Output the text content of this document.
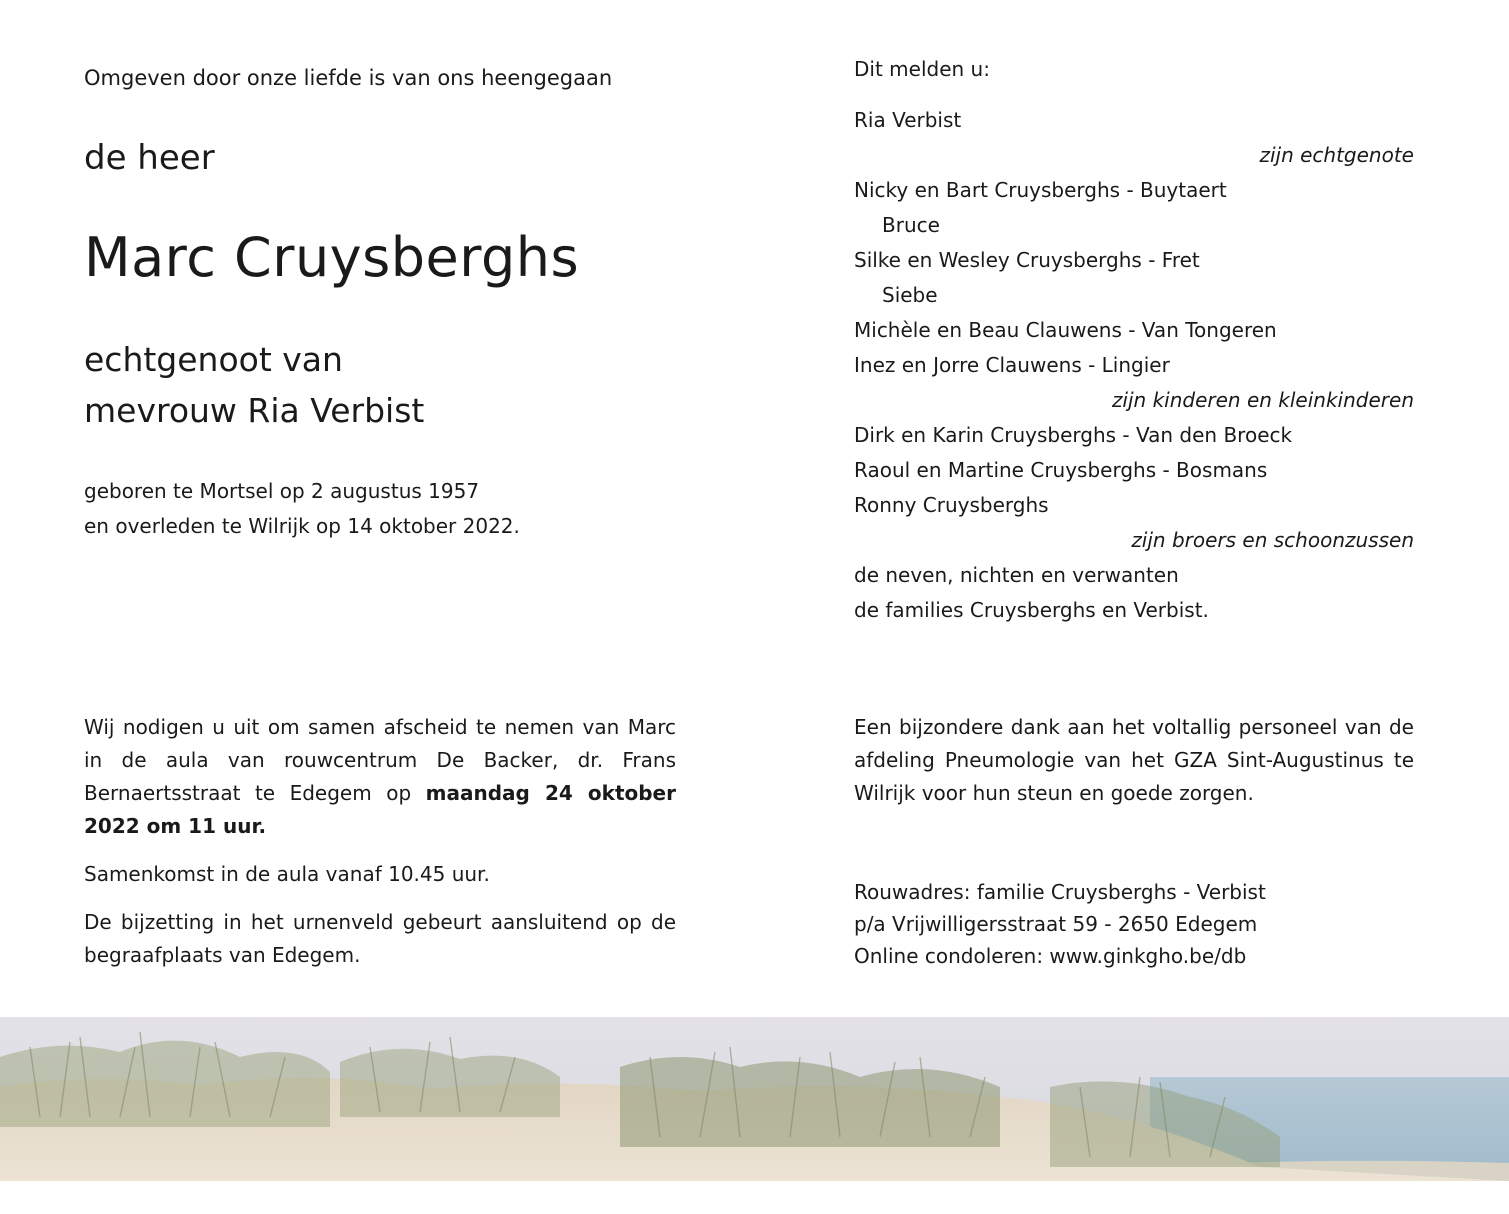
Omgeven door onze liefde is van ons heengegaan
de heer
Marc Cruysberghs
echtgenoot van
mevrouw Ria Verbist
geboren te Mortsel op 2 augustus 1957
en overleden te Wilrijk op 14 oktober 2022.

Wij nodigen u uit om samen afscheid te nemen van Marc in de aula van rouwcentrum De Backer, dr. Frans Bernaertsstraat te Edegem op maandag 24 oktober 2022 om 11 uur.

Samenkomst in de aula vanaf 10.45 uur.

De bijzetting in het urnenveld gebeurt aansluitend op de begraafplaats van Edegem.

Dit melden u:
Ria Verbist
zijn echtgenote
Nicky en Bart Cruysberghs - Buytaert
Bruce
Silke en Wesley Cruysberghs - Fret
Siebe
Michèle en Beau Clauwens - Van Tongeren
Inez en Jorre Clauwens - Lingier
zijn kinderen en kleinkinderen
Dirk en Karin Cruysberghs - Van den Broeck
Raoul en Martine Cruysberghs - Bosmans
Ronny Cruysberghs
zijn broers en schoonzussen
de neven, nichten en verwanten
de families Cruysberghs en Verbist.

Een bijzondere dank aan het voltallig personeel van de afdeling Pneumologie van het GZA Sint-Augustinus te Wilrijk voor hun steun en goede zorgen.

Rouwadres: familie Cruysberghs - Verbist
p/a Vrijwilligersstraat 59 - 2650 Edegem
Online condoleren: www.ginkgho.be/db
